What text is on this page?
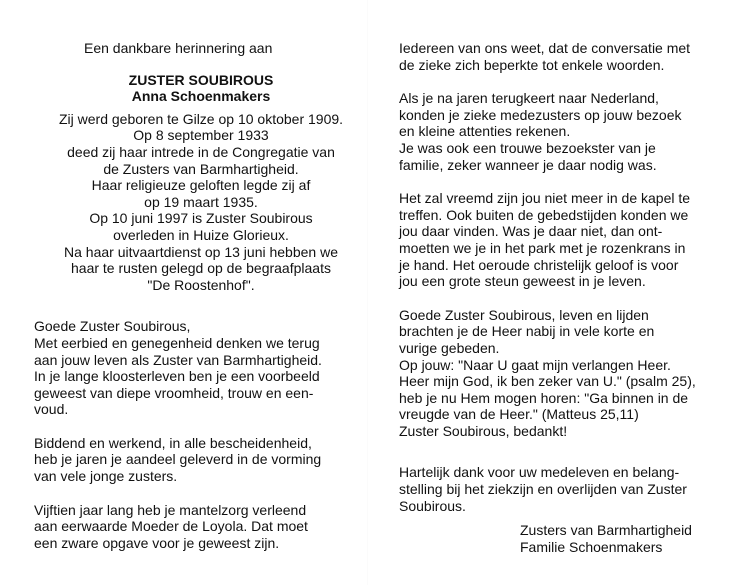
Een dankbare herinnering aan
ZUSTER SOUBIROUS
Anna Schoenmakers
Zij werd geboren te Gilze op 10 oktober 1909.
Op 8 september 1933
deed zij haar intrede in de Congregatie van
de Zusters van Barmhartigheid.
Haar religieuze geloften legde zij af
op 19 maart 1935.
Op 10 juni 1997 is Zuster Soubirous
overleden in Huize Glorieux.
Na haar uitvaartdienst op 13 juni hebben we
haar te rusten gelegd op de begraafplaats
"De Roostenhof".
Goede Zuster Soubirous,
Met eerbied en genegenheid denken we terug
aan jouw leven als Zuster van Barmhartigheid.
In je lange kloosterleven ben je een voorbeeld
geweest van diepe vroomheid, trouw en een-
voud.
Biddend en werkend, in alle bescheidenheid,
heb je jaren je aandeel geleverd in de vorming
van vele jonge zusters.
Vijftien jaar lang heb je mantelzorg verleend
aan eerwaarde Moeder de Loyola. Dat moet
een zware opgave voor je geweest zijn.
Iedereen van ons weet, dat de conversatie met
de zieke zich beperkte tot enkele woorden.
Als je na jaren terugkeert naar Nederland,
konden je zieke medezusters op jouw bezoek
en kleine attenties rekenen.
Je was ook een trouwe bezoekster van je
familie, zeker wanneer je daar nodig was.
Het zal vreemd zijn jou niet meer in de kapel te
treffen. Ook buiten de gebedstijden konden we
jou daar vinden. Was je daar niet, dan ont-
moetten we je in het park met je rozenkrans in
je hand. Het oeroude christelijk geloof is voor
jou een grote steun geweest in je leven.
Goede Zuster Soubirous, leven en lijden
brachten je de Heer nabij in vele korte en
vurige gebeden.
Op jouw: "Naar U gaat mijn verlangen Heer.
Heer mijn God, ik ben zeker van U." (psalm 25),
heb je nu Hem mogen horen: "Ga binnen in de
vreugde van de Heer." (Matteus 25,11)
Zuster Soubirous, bedankt!
Hartelijk dank voor uw medeleven en belang-
stelling bij het ziekzijn en overlijden van Zuster
Soubirous.
Zusters van Barmhartigheid
Familie Schoenmakers
